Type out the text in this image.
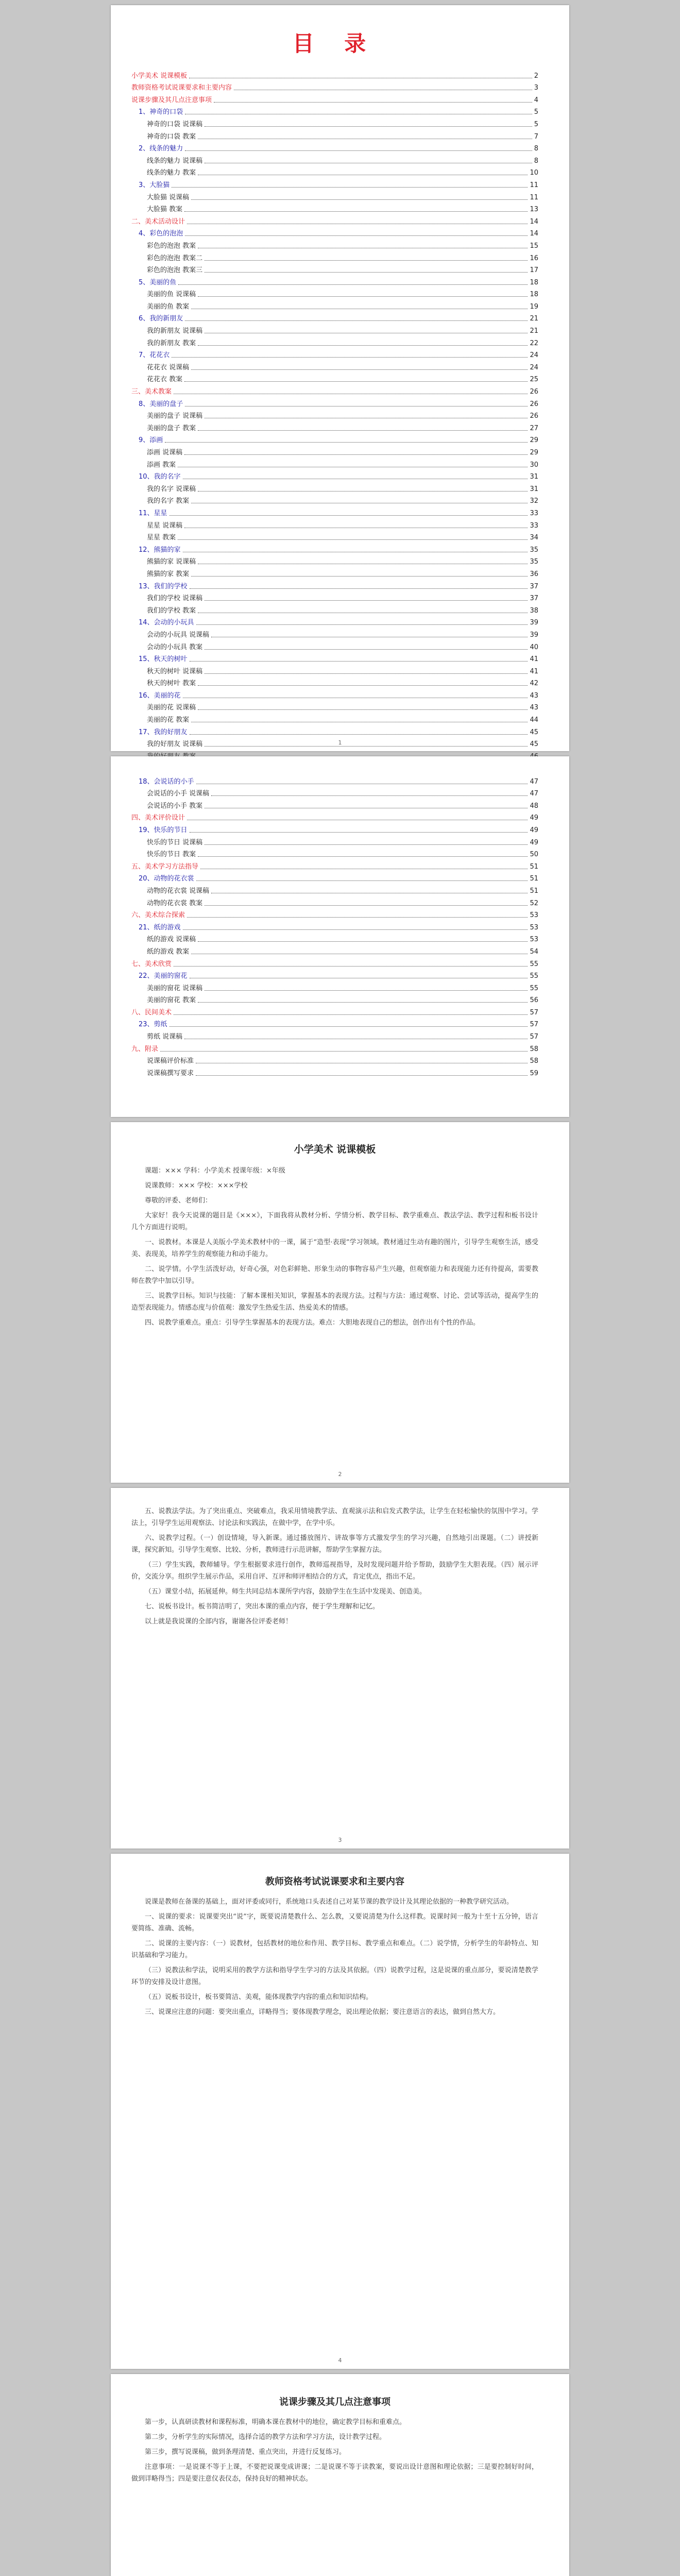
目 录
小学美术 说课模板	2
教师资格考试说课要求和主要内容	3
说课步骤及其几点注意事项	4
1、神奇的口袋	5
神奇的口袋 说课稿	5
神奇的口袋 教案	7
2、线条的魅力	8
线条的魅力 说课稿	8
线条的魅力 教案	10
3、大脸猫	11
大脸猫 说课稿	11
大脸猫 教案	13
二、美术活动设计	14
4、彩色的泡泡	14
彩色的泡泡 教案	15
彩色的泡泡 教案二	16
彩色的泡泡 教案三	17
5、美丽的鱼	18
美丽的鱼 说课稿	18
美丽的鱼 教案	19
6、我的新朋友	21
我的新朋友 说课稿	21
我的新朋友 教案	22
7、花花衣	24
花花衣 说课稿	24
花花衣 教案	25
三、美术教案	26
8、美丽的盘子	26
美丽的盘子 说课稿	26
美丽的盘子 教案	27
9、添画	29
添画 说课稿	29
添画 教案	30
10、我的名字	31
我的名字 说课稿	31
我的名字 教案	32
11、星星	33
星星 说课稿	33
星星 教案	34
12、熊猫的家	35
熊猫的家 说课稿	35
熊猫的家 教案	36
13、我们的学校	37
我们的学校 说课稿	37
我们的学校 教案	38
14、会动的小玩具	39
会动的小玩具 说课稿	39
会动的小玩具 教案	40
15、秋天的树叶	41
秋天的树叶 说课稿	41
秋天的树叶 教案	42
16、美丽的花	43
美丽的花 说课稿	43
美丽的花 教案	44
17、我的好朋友	45
我的好朋友 说课稿	45
1
18、会说话的小手	47
会说话的小手 说课稿	47
会说话的小手 教案	48
四、美术评价设计	49
19、快乐的节日	49
快乐的节日 说课稿	49
快乐的节日 教案	50
五、美术学习方法指导	51
20、动物的花衣裳	51
动物的花衣裳 说课稿	51
动物的花衣裳 教案	52
六、美术综合探索	53
21、纸的游戏	53
纸的游戏 说课稿	53
纸的游戏 教案	54
七、美术欣赏	55
22、美丽的窗花	55
美丽的窗花 说课稿	55
美丽的窗花 教案	56
八、民间美术	57
23、剪纸	57
剪纸 说课稿	57
九、附录	58
说课稿评价标准	58
说课稿撰写要求	59
小学美术 说课模板

课题：××× 学科：小学美术 授课年级：×年级

说课教师：××× 学校：×××学校

尊敬的评委、老师们：

大家好！我今天说课的题目是《×××》，下面我将从教材分析、学情分析、教学目标、教学重难点、教法学法、教学过程和板书设计几个方面进行说明。

一、说教材。本课是人美版小学美术教材中的一课，属于“造型·表现”学习领域。教材通过生动有趣的图片，引导学生观察生活，感受美、表现美，培养学生的观察能力和动手能力。

二、说学情。小学生活泼好动，好奇心强，对色彩鲜艳、形象生动的事物容易产生兴趣，但观察能力和表现能力还有待提高，需要教师在教学中加以引导。

三、说教学目标。知识与技能：了解本课相关知识，掌握基本的表现方法。过程与方法：通过观察、讨论、尝试等活动，提高学生的造型表现能力。情感态度与价值观：激发学生热爱生活、热爱美术的情感。

四、说教学重难点。重点：引导学生掌握基本的表现方法。难点：大胆地表现自己的想法，创作出有个性的作品。

2

五、说教法学法。为了突出重点、突破难点，我采用情境教学法、直观演示法和启发式教学法，让学生在轻松愉快的氛围中学习。学法上，引导学生运用观察法、讨论法和实践法，在做中学，在学中乐。

六、说教学过程。（一）创设情境，导入新课。通过播放图片、讲故事等方式激发学生的学习兴趣，自然地引出课题。（二）讲授新课，探究新知。引导学生观察、比较、分析，教师进行示范讲解，帮助学生掌握方法。

（三）学生实践，教师辅导。学生根据要求进行创作，教师巡视指导，及时发现问题并给予帮助，鼓励学生大胆表现。（四）展示评价，交流分享。组织学生展示作品，采用自评、互评和师评相结合的方式，肯定优点，指出不足。

（五）课堂小结，拓展延伸。师生共同总结本课所学内容，鼓励学生在生活中发现美、创造美。

七、说板书设计。板书简洁明了，突出本课的重点内容，便于学生理解和记忆。

以上就是我说课的全部内容，谢谢各位评委老师！

3
教师资格考试说课要求和主要内容

说课是教师在备课的基础上，面对评委或同行，系统地口头表述自己对某节课的教学设计及其理论依据的一种教学研究活动。

一、说课的要求：说课要突出“说”字，既要说清楚教什么、怎么教，又要说清楚为什么这样教。说课时间一般为十至十五分钟，语言要简练、准确、流畅。

二、说课的主要内容：（一）说教材，包括教材的地位和作用、教学目标、教学重点和难点。（二）说学情，分析学生的年龄特点、知识基础和学习能力。

（三）说教法和学法，说明采用的教学方法和指导学生学习的方法及其依据。（四）说教学过程，这是说课的重点部分，要说清楚教学环节的安排及设计意图。

（五）说板书设计，板书要简洁、美观，能体现教学内容的重点和知识结构。

三、说课应注意的问题：要突出重点，详略得当；要体现教学理念，说出理论依据；要注意语言的表达，做到自然大方。

4
说课步骤及其几点注意事项

第一步，认真研读教材和课程标准，明确本课在教材中的地位，确定教学目标和重难点。

第二步，分析学生的实际情况，选择合适的教学方法和学习方法，设计教学过程。

第三步，撰写说课稿，做到条理清楚、重点突出，并进行反复练习。

注意事项：一是说课不等于上课，不要把说课变成讲课；二是说课不等于读教案，要说出设计意图和理论依据；三是要控制好时间，做到详略得当；四是要注意仪表仪态，保持良好的精神状态。
